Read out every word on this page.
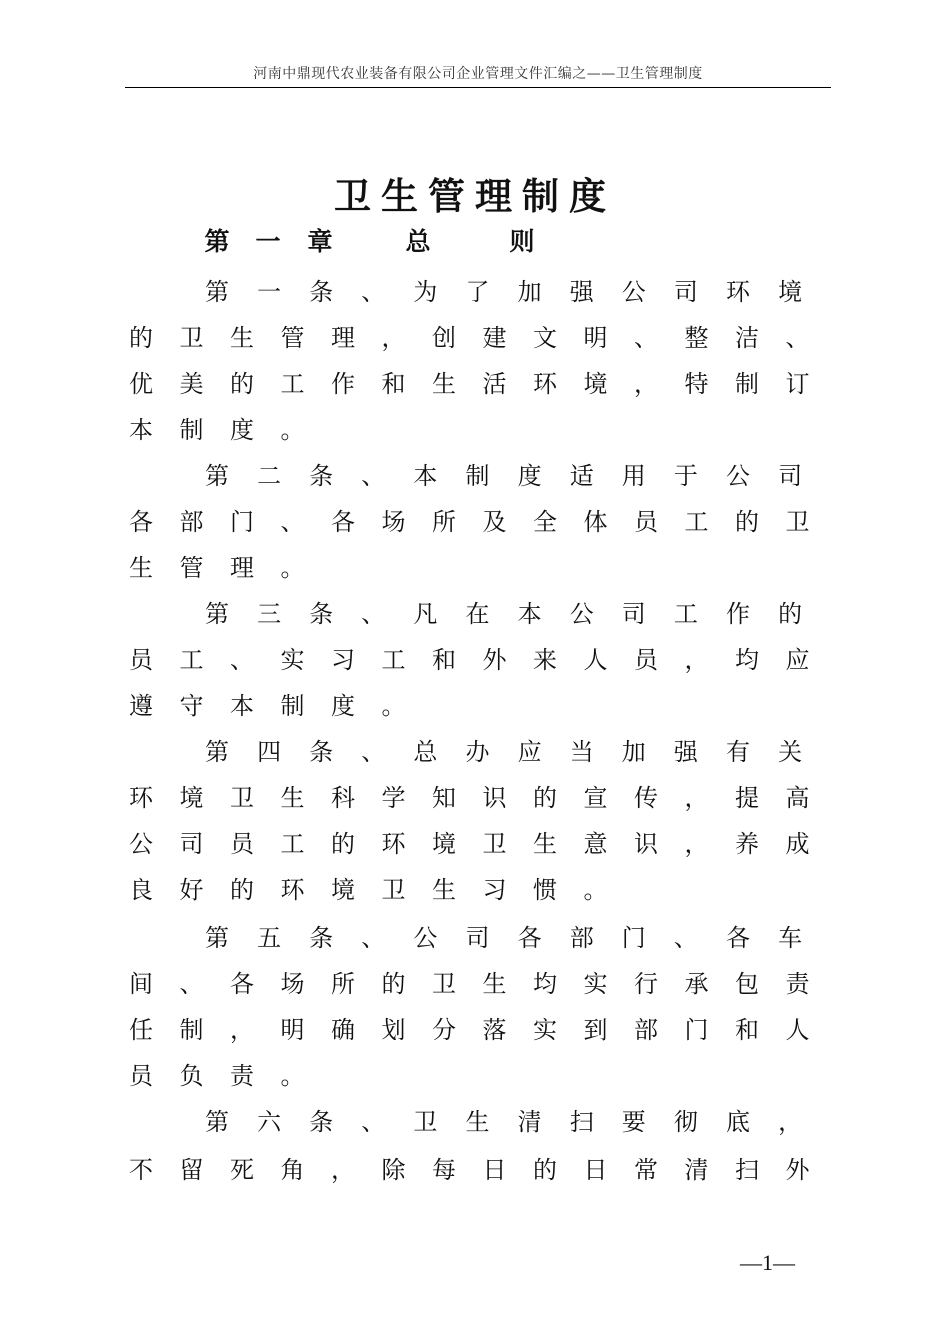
河南中鼎现代农业装备有限公司企业管理文件汇编之——卫生管理制度
卫生管理制度
第 一 章	总	则
第 一 条 、 为 了 加 强 公 司 环 境
的 卫 生 管 理 ， 创 建 文 明 、 整 洁 、
优 美 的 工 作 和 生 活 环 境 ， 特 制 订
本 制 度 。
第 二 条 、 本 制 度 适 用 于 公 司
各 部 门 、 各 场 所 及 全 体 员 工 的 卫
生 管 理 。
第 三 条 、 凡 在 本 公 司 工 作 的
员 工 、 实 习 工 和 外 来 人 员 ， 均 应
遵 守 本 制 度 。
第 四 条 、 总 办 应 当 加 强 有 关
环 境 卫 生 科 学 知 识 的 宣 传 ， 提 高
公 司 员 工 的 环 境 卫 生 意 识 ， 养 成
良 好 的 环 境 卫 生 习 惯 。
第 五 条 、 公 司 各 部 门 、 各 车
间 、 各 场 所 的 卫 生 均 实 行 承 包 责
任 制 ， 明 确 划 分 落 实 到 部 门 和 人
员 负 责 。
第 六 条 、 卫 生 清 扫 要 彻 底 ，
不 留 死 角 ， 除 每 日 的 日 常 清 扫 外
—1—
